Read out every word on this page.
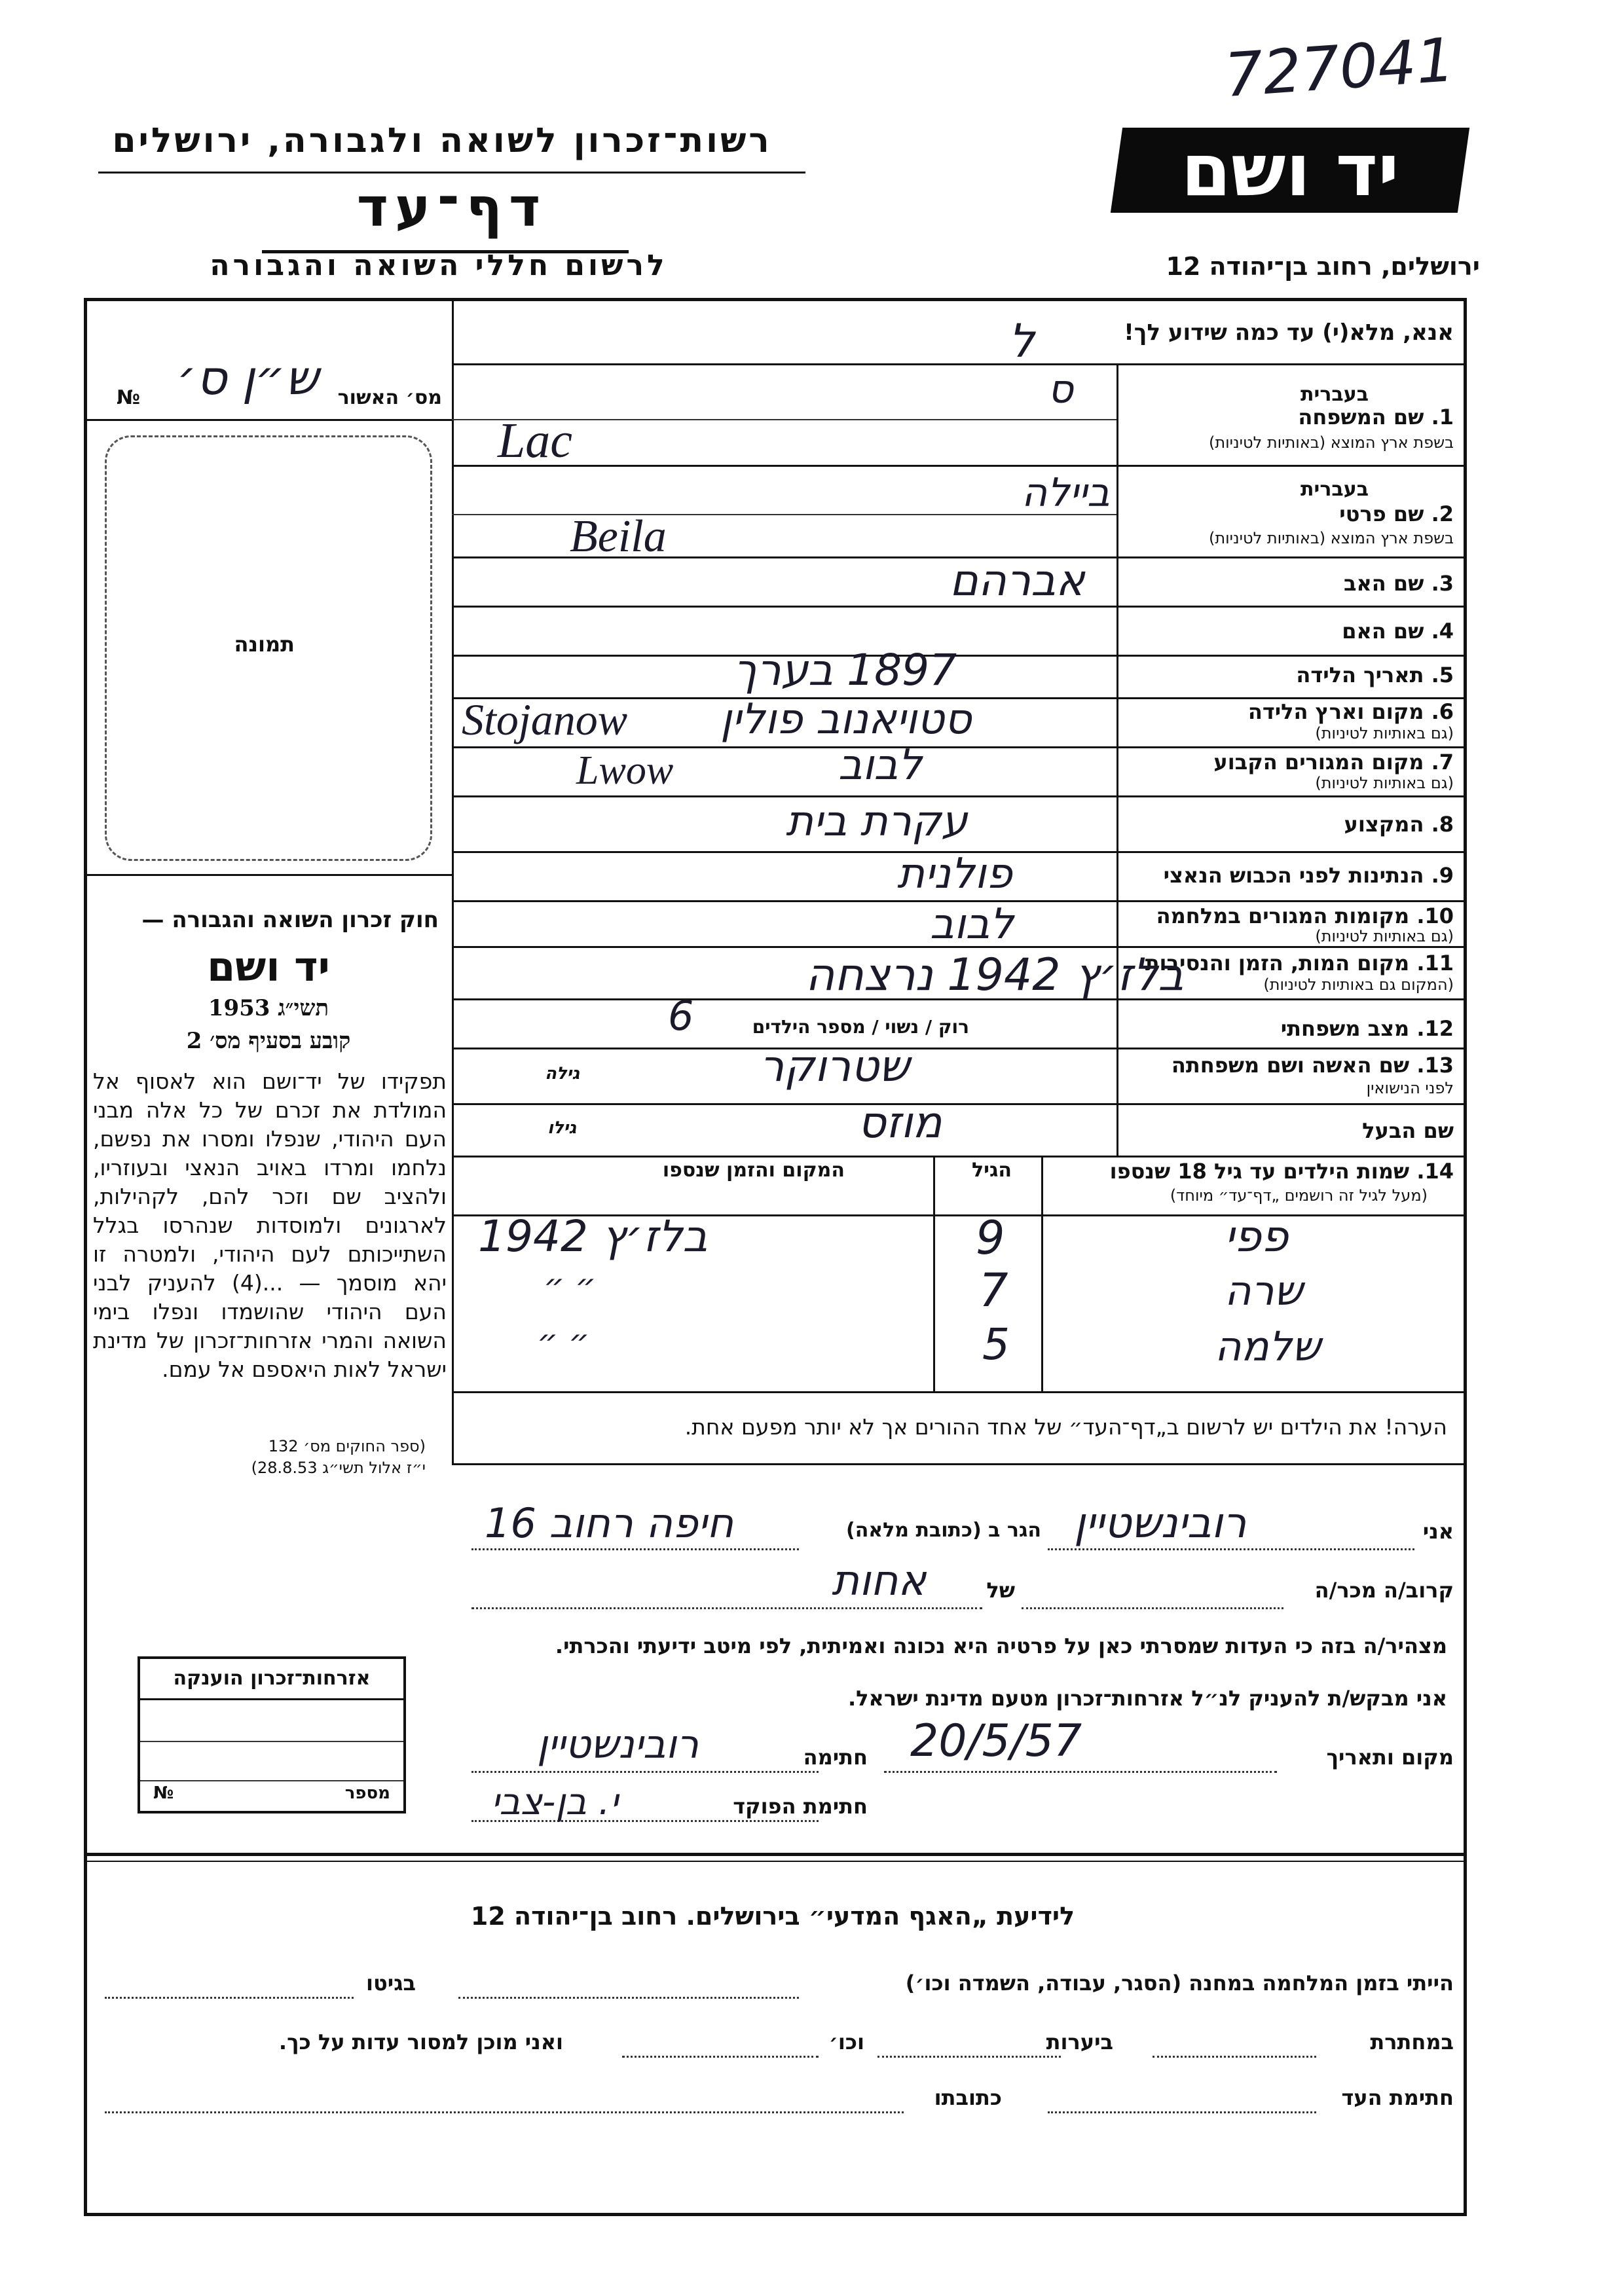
727041
רשות־זכרון לשואה ולגבורה, ירושלים
דף־עד
לרשום חללי השואה והגבורה
יד ושם
ירושלים, רחוב בן־יהודה 12
אנא, מלא(י) עד כמה שידוע לך!
ל
№	מס׳ האשור
ש״ן ס׳
תמונה
חוק זכרון השואה והגבורה —
יד ושם
תשי״ג 1953
קובע בסעיף מס׳ 2
תפקידו של יד־ושם הוא לאסוף אל המולדת את זכרם של כל אלה מבני העם היהודי, שנפלו ומסרו את נפשם, נלחמו ומרדו באויב הנאצי ובעוזריו, ולהציב שם וזכר להם, לקהילות, לארגונים ולמוסדות שנהרסו בגלל השתייכותם לעם היהודי, ולמטרה זו יהא מוסמך — ...(4) להעניק לבני העם היהודי שהושמדו ונפלו בימי השואה והמרי אזרחות־זכרון של מדינת ישראל לאות היאספם אל עמם.
(ספר החוקים מס׳ 132
י״ז אלול תשי״ג 28.8.53)
בעברית
1. שם המשפחה
בשפת ארץ המוצא (באותיות לטיניות)
ס
Lac
בעברית
2. שם פרטי
בשפת ארץ המוצא (באותיות לטיניות)
ביילה
Beila
3. שם האב
אברהם
4. שם האם
5. תאריך הלידה
1897 בערך
6. מקום וארץ הלידה
(גם באותיות לטיניות)
סטויאנוב פולין
Stojanow
7. מקום המגורים הקבוע
(גם באותיות לטיניות)
לבוב
Lwow
8. המקצוע
עקרת בית
9. הנתינות לפני הכבוש הנאצי
פולנית
10. מקומות המגורים במלחמה
(גם באותיות לטיניות)
לבוב
11. מקום המות, הזמן והנסיבות
(המקום גם באותיות לטיניות)
בלז׳ץ 1942 נרצחה
12. מצב משפחתי
רוק / נשוי / מספר הילדים
6
13. שם האשה ושם משפחתה
לפני הנישואין
גילה	שטרוקר
שם הבעל
גילו	מוזס
14. שמות הילדים עד גיל 18 שנספו
(מעל לגיל זה רושמים „דף־עד״ מיוחד)
הגיל
המקום והזמן שנספו
פפי
9
בלז׳ץ 1942
שרה
7
״ ״
שלמה
5
״ ״
הערה! את הילדים יש לרשום ב„דף־העד״ של אחד ההורים אך לא יותר מפעם אחת.
אני
רובינשטיין
הגר ב (כתובת מלאה)
חיפה רחוב 16
קרוב/ה מכר/ה
של
אחות
מצהיר/ה בזה כי העדות שמסרתי כאן על פרטיה היא נכונה ואמיתית, לפי מיטב ידיעתי והכרתי.
אני מבקש/ת להעניק לנ״ל אזרחות־זכרון מטעם מדינת ישראל.
מקום ותאריך
20/5/57
חתימה
רובינשטיין
חתימת הפוקד
י. בן-צבי
אזרחות־זכרון הוענקה
מספר
№
לידיעת „האגף המדעי״ בירושלים. רחוב בן־יהודה 12
הייתי בזמן המלחמה במחנה (הסגר, עבודה, השמדה וכו׳)
בגיטו
במחתרת
ביערות
וכו׳
ואני מוכן למסור עדות על כך.
חתימת העד
כתובתו
